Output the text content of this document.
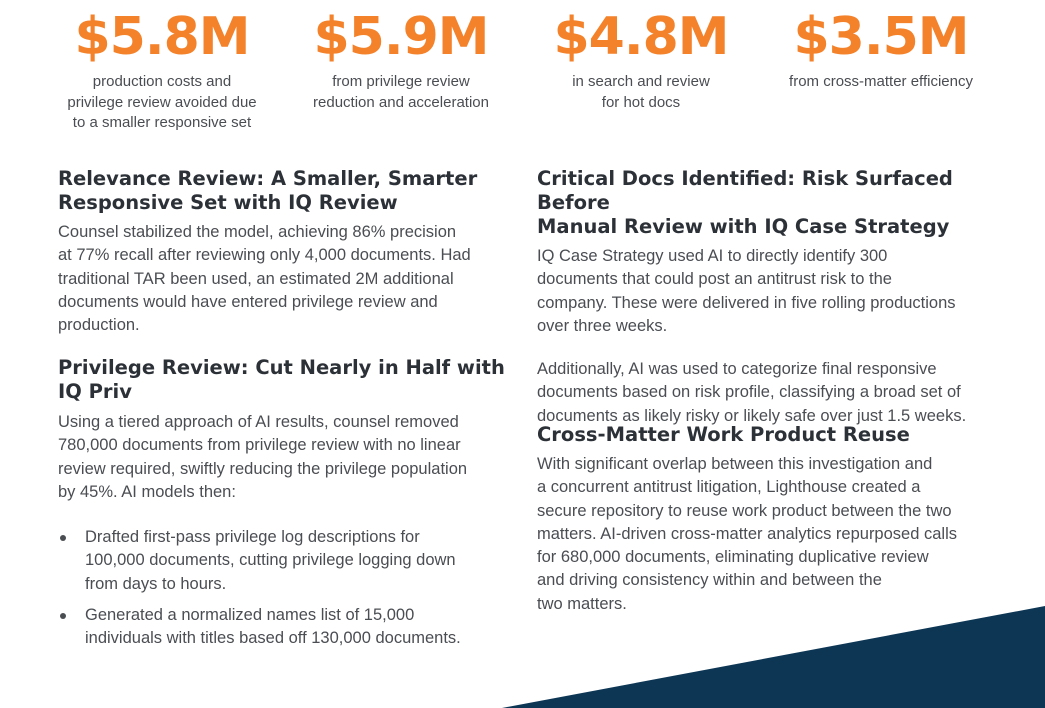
$5.8M
production costs and
privilege review avoided due
to a smaller responsive set
$5.9M
from privilege review
reduction and acceleration
$4.8M
in search and review
for hot docs
$3.5M
from cross-matter efficiency
Relevance Review: A Smaller, Smarter
Responsive Set with IQ Review

Counsel stabilized the model, achieving 86% precision
at 77% recall after reviewing only 4,000 documents. Had
traditional TAR been used, an estimated 2M additional
documents would have entered privilege review and
production.

Privilege Review: Cut Nearly in Half with
IQ Priv

Using a tiered approach of AI results, counsel removed
780,000 documents from privilege review with no linear
review required, swiftly reducing the privilege population
by 45%. AI models then:

Drafted first-pass privilege log descriptions for
100,000 documents, cutting privilege logging down
from days to hours.
Generated a normalized names list of 15,000
individuals with titles based off 130,000 documents.
Critical Docs Identified: Risk Surfaced Before
Manual Review with IQ Case Strategy

IQ Case Strategy used AI to directly identify 300
documents that could post an antitrust risk to the
company. These were delivered in five rolling productions
over three weeks.

Additionally, AI was used to categorize final responsive
documents based on risk profile, classifying a broad set of
documents as likely risky or likely safe over just 1.5 weeks.

Cross-Matter Work Product Reuse

With significant overlap between this investigation and
a concurrent antitrust litigation, Lighthouse created a
secure repository to reuse work product between the two
matters. AI-driven cross-matter analytics repurposed calls
for 680,000 documents, eliminating duplicative review
and driving consistency within and between the
two matters.
